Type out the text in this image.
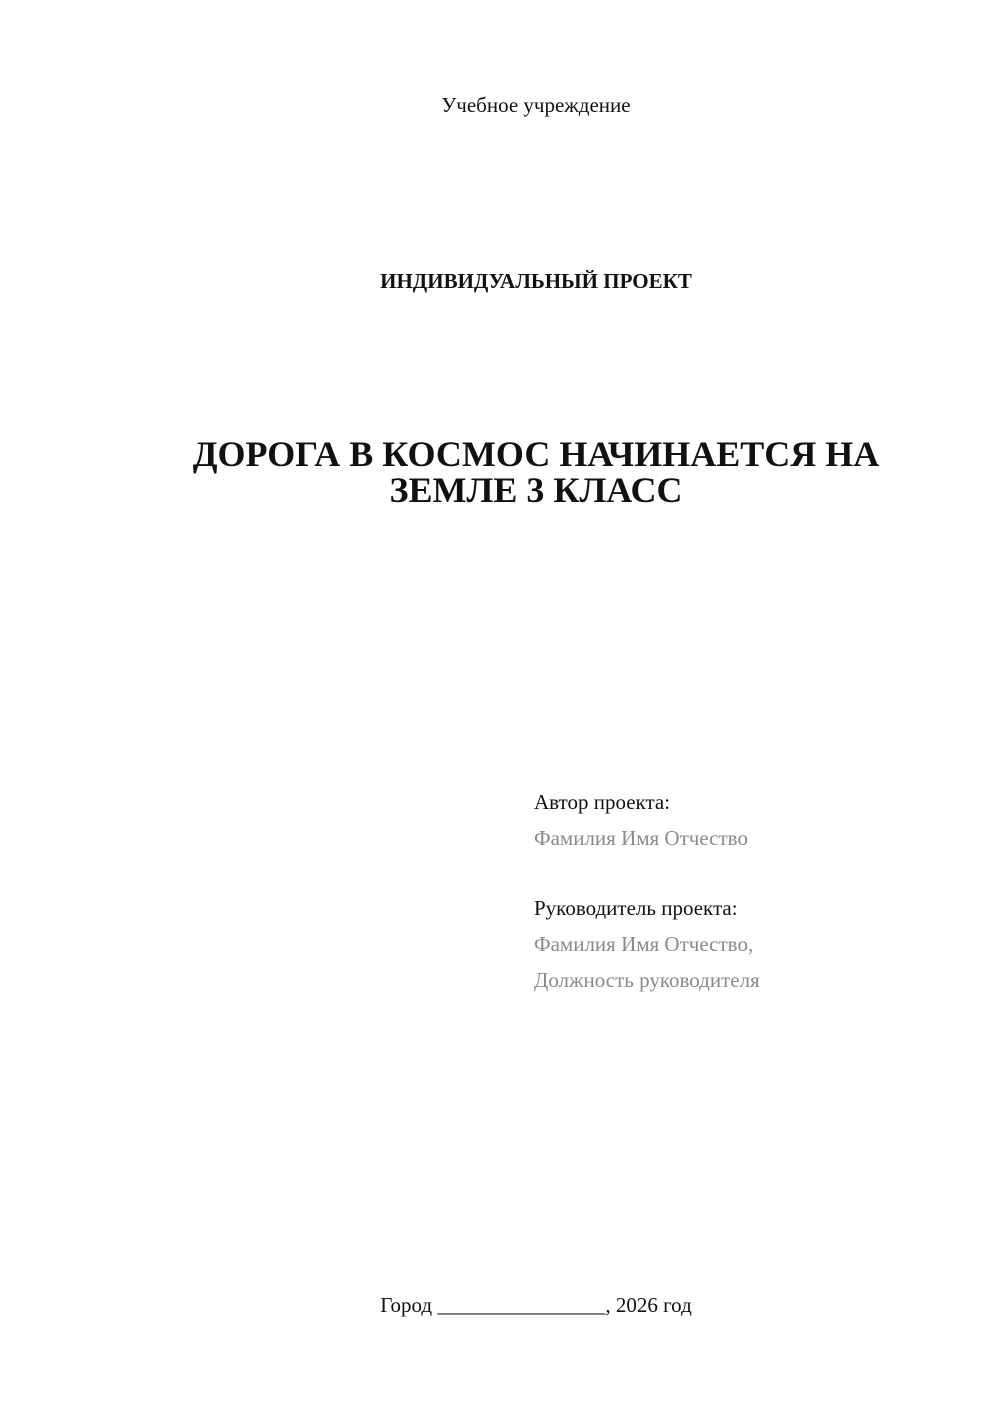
Учебное учреждение

ИНДИВИДУАЛЬНЫЙ ПРОЕКТ

ДОРОГА В КОСМОС НАЧИНАЕТСЯ НА
ЗЕМЛЕ 3 КЛАСС
Автор проекта:
Фамилия Имя Отчество
Руководитель проекта:
Фамилия Имя Отчество,
Должность руководителя

Город ________________, 2026 год
